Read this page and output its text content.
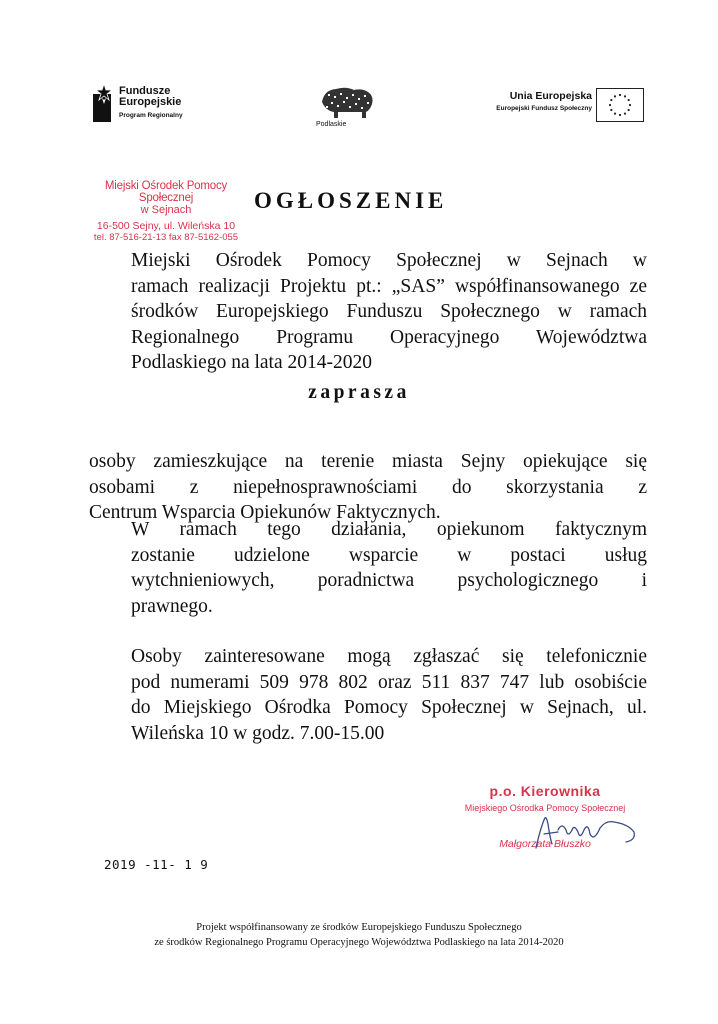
Fundusze
Europejskie
Program Regionalny
Podlaskie
Unia Europejska
Europejski Fundusz Społeczny
Miejski Ośrodek Pomocy Społecznej
w Sejnach
16-500 Sejny, ul. Wileńska 10
tel. 87-516-21-13 fax 87-5162-055
OGŁOSZENIE
Miejski Ośrodek Pomocy Społecznej w Sejnach w
ramach realizacji Projektu pt.: „SAS” współfinansowanego ze
środków Europejskiego Funduszu Społecznego w ramach
Regionalnego Programu Operacyjnego Województwa
Podlaskiego na lata 2014-2020
zaprasza
osoby zamieszkujące na terenie miasta Sejny opiekujące się
osobami z niepełnosprawnościami do skorzystania z
Centrum Wsparcia Opiekunów Faktycznych.
W ramach tego działania, opiekunom faktycznym
zostanie udzielone wsparcie w postaci usług
wytchnieniowych, poradnictwa psychologicznego i
prawnego.
Osoby zainteresowane mogą zgłaszać się telefonicznie
pod numerami 509 978 802 oraz 511 837 747 lub osobiście
do Miejskiego Ośrodka Pomocy Społecznej w Sejnach, ul.
Wileńska 10 w godz. 7.00-15.00
p.o. Kierownika
Miejskiego Ośrodka Pomocy Społecznej
Małgorzata Błuszko
2019 -11- 1 9
Projekt współfinansowany ze środków Europejskiego Funduszu Społecznego
ze środków Regionalnego Programu Operacyjnego Województwa Podlaskiego na lata 2014-2020
